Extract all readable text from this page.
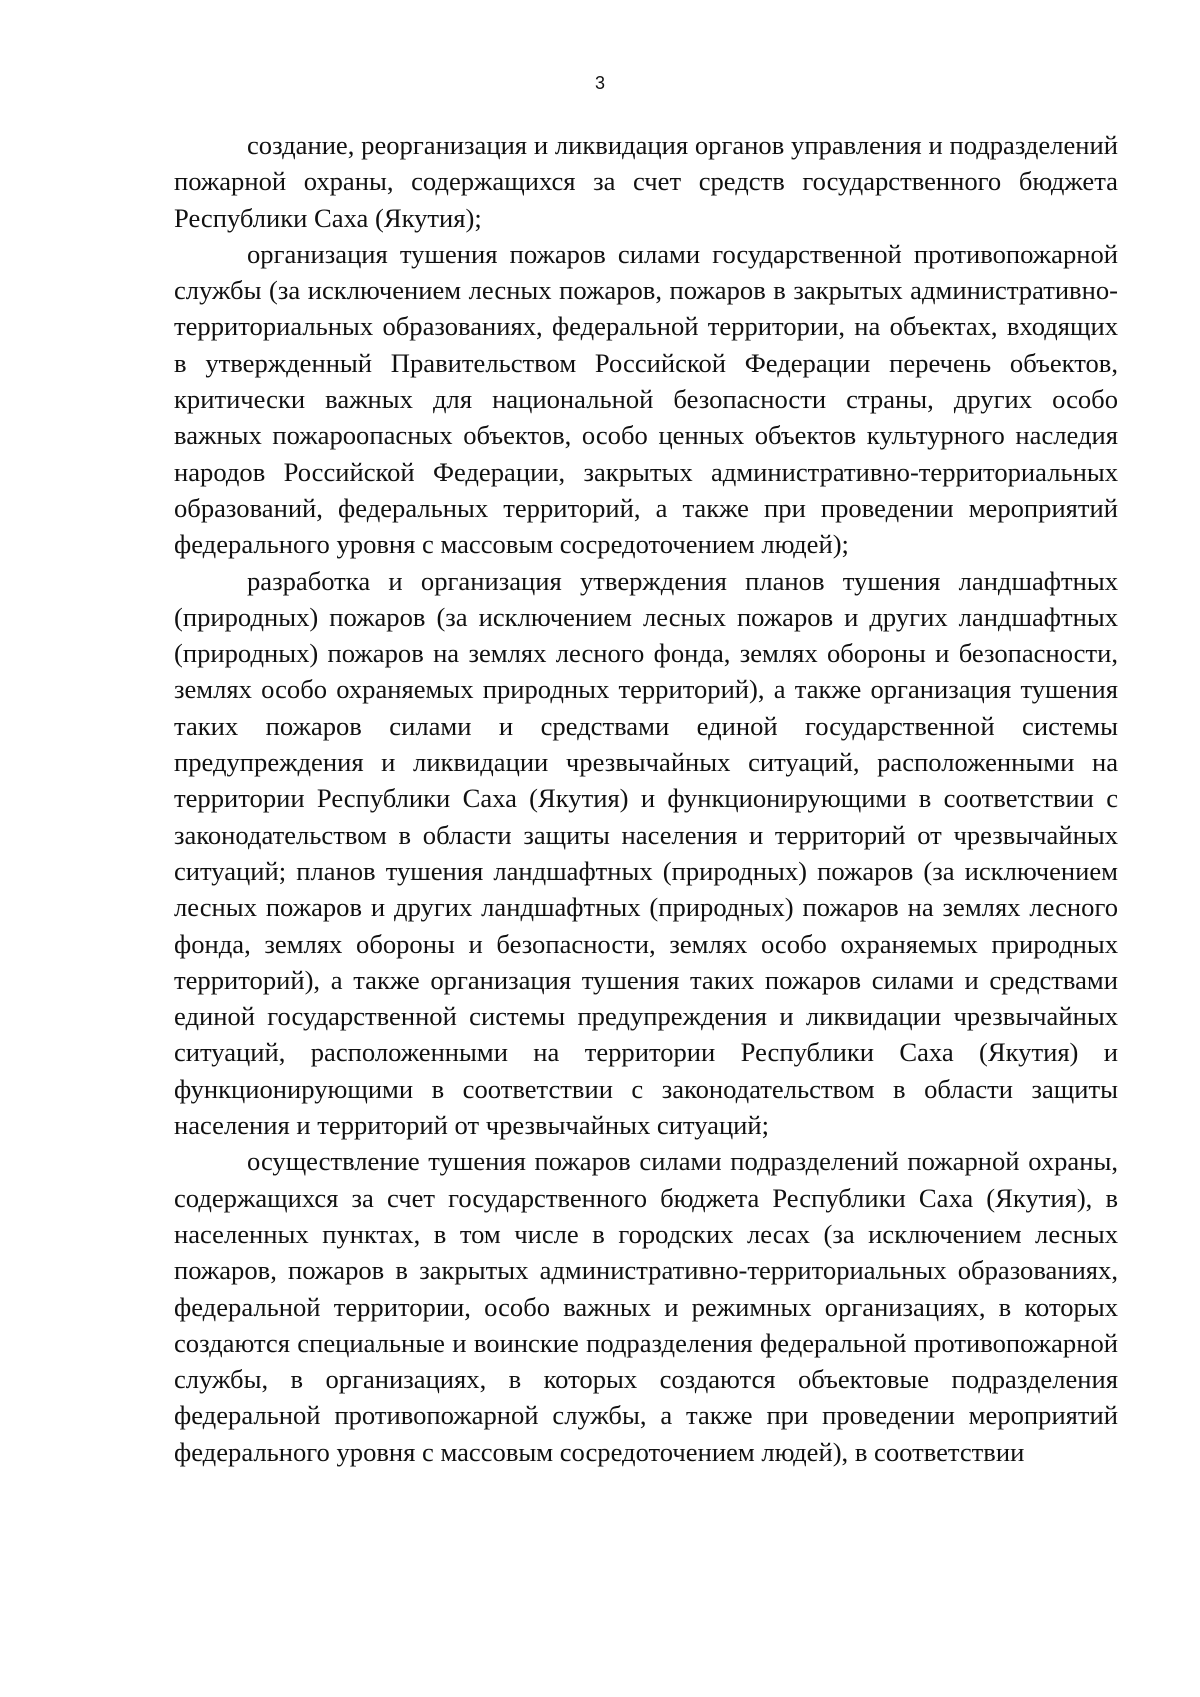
3

создание, реорганизация и ликвидация органов управления и подразделений пожарной охраны, содержащихся за счет средств государственного бюджета Республики Саха (Якутия);

организация тушения пожаров силами государственной противопожарной службы (за исключением лесных пожаров, пожаров в закрытых административно-территориальных образованиях, федеральной территории, на объектах, входящих в утвержденный Правительством Российской Федерации перечень объектов, критически важных для национальной безопасности страны, других особо важных пожароопасных объектов, особо ценных объектов культурного наследия народов Российской Федерации, закрытых административно-территориальных образований, федеральных территорий, а также при проведении мероприятий федерального уровня с массовым сосредоточением людей);

разработка и организация утверждения планов тушения ландшафтных (природных) пожаров (за исключением лесных пожаров и других ландшафтных (природных) пожаров на землях лесного фонда, землях обороны и безопасности, землях особо охраняемых природных территорий), а также организация тушения таких пожаров силами и средствами единой государственной системы предупреждения и ликвидации чрезвычайных ситуаций, расположенными на территории Республики Саха (Якутия) и функционирующими в соответствии с законодательством в области защиты населения и территорий от чрезвычайных ситуаций; планов тушения ландшафтных (природных) пожаров (за исключением лесных пожаров и других ландшафтных (природных) пожаров на землях лесного фонда, землях обороны и безопасности, землях особо охраняемых природных территорий), а также организация тушения таких пожаров силами и средствами единой государственной системы предупреждения и ликвидации чрезвычайных ситуаций, расположенными на территории Республики Саха (Якутия) и функционирующими в соответствии с законодательством в области защиты населения и территорий от чрезвычайных ситуаций;

осуществление тушения пожаров силами подразделений пожарной охраны, содержащихся за счет государственного бюджета Республики Саха (Якутия), в населенных пунктах, в том числе в городских лесах (за исключением лесных пожаров, пожаров в закрытых административно-территориальных образованиях, федеральной территории, особо важных и режимных организациях, в которых создаются специальные и воинские подразделения федеральной противопожарной службы, в организациях, в которых создаются объектовые подразделения федеральной противопожарной службы, а также при проведении мероприятий федерального уровня с массовым сосредоточением людей), в соответствии
